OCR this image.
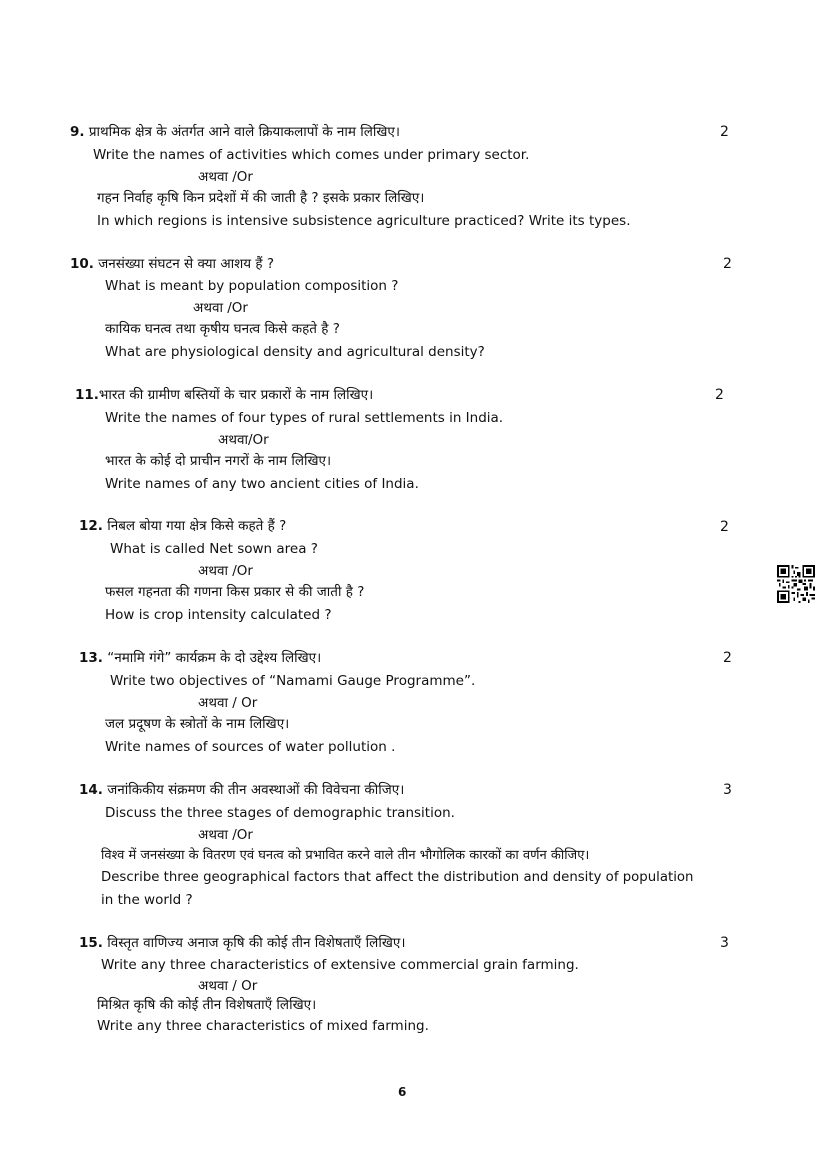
9. प्राथमिक क्षेत्र के अंतर्गत आने वाले क्रियाकलापों के नाम लिखिए।	2
Write the names of activities which comes under primary sector.
अथवा /Or
गहन निर्वाह कृषि किन प्रदेशों में की जाती है ? इसके प्रकार लिखिए।
In which regions is intensive subsistence agriculture practiced? Write its types.
10. जनसंख्या संघटन से क्या आशय हैं ?	2
What is meant by population composition ?
अथवा /Or
कायिक घनत्व तथा कृषीय घनत्व किसे कहते है ?
What are physiological density and agricultural density?
11.भारत की ग्रामीण बस्तियों के चार प्रकारों के नाम लिखिए।	2
Write the names of four types of rural settlements in India.
अथवा/Or
भारत के कोई दो प्राचीन नगरों के नाम लिखिए।
Write names of any two ancient cities of India.
12. निबल बोया गया क्षेत्र किसे कहते हैं ?	2
What is called Net sown area ?
अथवा /Or
फसल गहनता की गणना किस प्रकार से की जाती है ?
How is crop intensity calculated ?
13. “नमामि गंगे” कार्यक्रम के दो उद्देश्य लिखिए।	2
Write two objectives of “Namami Gauge Programme”.
अथवा / Or
जल प्रदूषण के स्त्रोतों के नाम लिखिए।
Write names of sources of water pollution .
14. जनांकिकीय संक्रमण की तीन अवस्थाओं की विवेचना कीजिए।	3
Discuss the three stages of demographic transition.
अथवा /Or
विश्व में जनसंख्या के वितरण एवं घनत्व को प्रभावित करने वाले तीन भौगोलिक कारकों का वर्णन कीजिए।
Describe three geographical factors that affect the distribution and density of population
in the world ?
15. विस्तृत वाणिज्य अनाज कृषि की कोई तीन विशेषताएँ लिखिए।	3
Write any three characteristics of extensive commercial grain farming.
अथवा / Or
मिश्रित कृषि की कोई तीन विशेषताएँ लिखिए।
Write any three characteristics of mixed farming.
6
